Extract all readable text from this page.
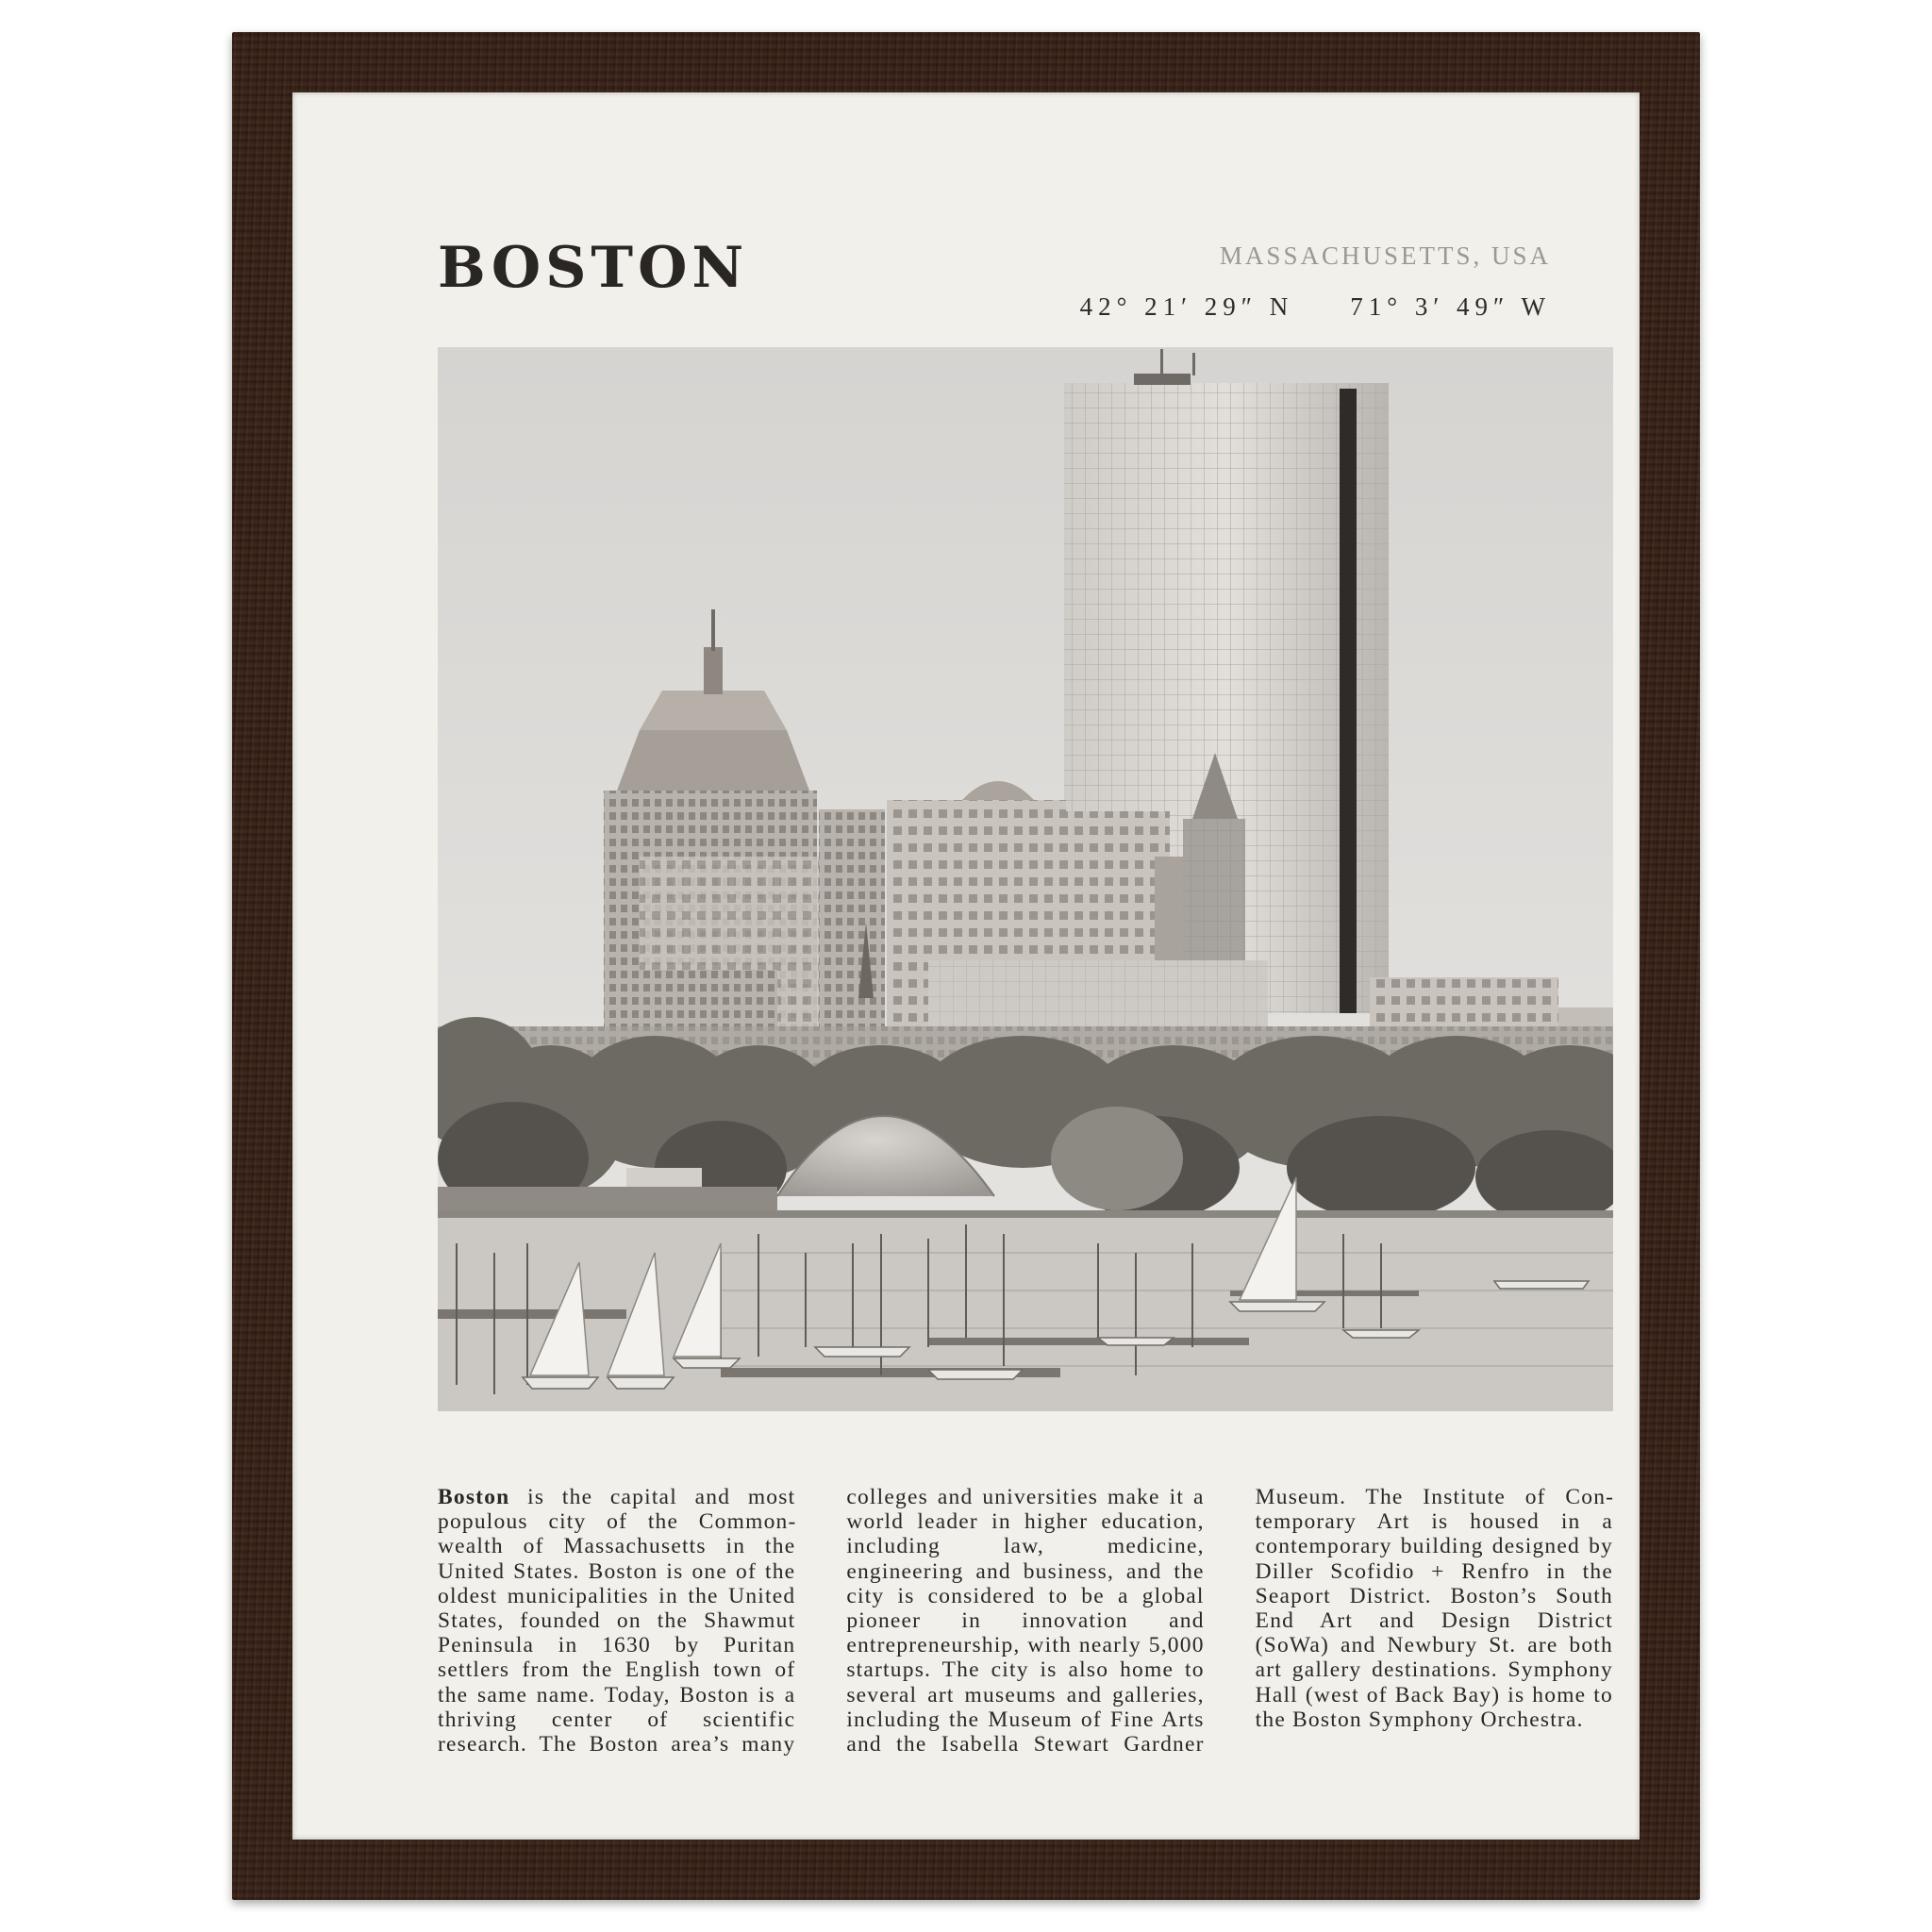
BOSTON	MASSACHUSETTS, USA
42° 21′ 29″ N 71° 3′ 49″ W
Boston is the capital and most populous city of the Commonwealth of Massachusetts in the United States. Boston is one of the oldest municipalities in the United States, founded on the Shawmut Peninsula in 1630 by Puritan settlers from the English town of the same name. Today, Boston is a thriving center of scientific research. The Boston area’s many colleges and universities make it a world leader in higher education, including law, medicine, engineering and business, and the city is considered to be a global pioneer in innovation and entrepreneurship, with nearly 5,000 startups. The city is also home to several art museums and galleries, including the Museum of Fine Arts and the Isabella Stewart Gardner Museum. The Institute of Contemporary Art is housed in a contemporary building designed by Diller Scofidio + Renfro in the Seaport District. Boston’s South End Art and Design District (SoWa) and Newbury St. are both art gallery destinations. Symphony Hall (west of Back Bay) is home to the Boston Symphony Orchestra.
